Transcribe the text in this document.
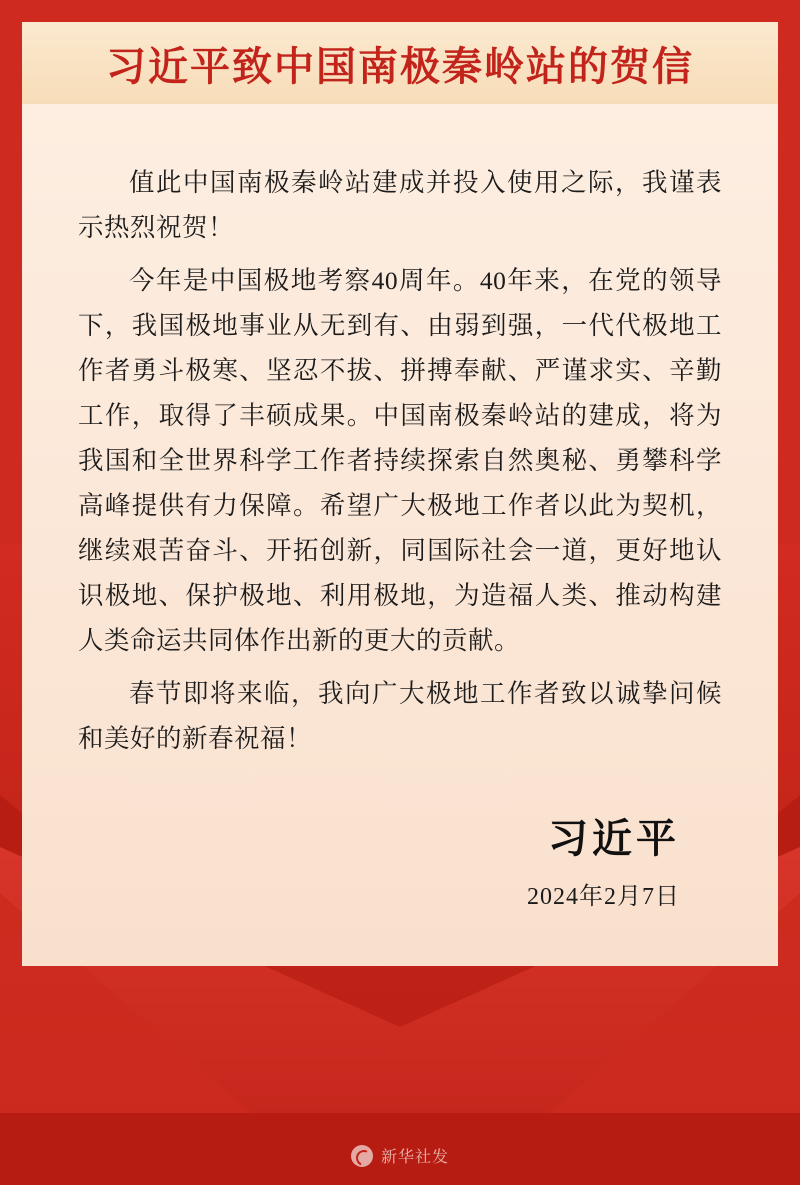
习近平致中国南极秦岭站的贺信

值此中国南极秦岭站建成并投入使用之际，我谨表示热烈祝贺！

今年是中国极地考察40周年。40年来，在党的领导下，我国极地事业从无到有、由弱到强，一代代极地工作者勇斗极寒、坚忍不拔、拼搏奉献、严谨求实、辛勤工作，取得了丰硕成果。中国南极秦岭站的建成，将为我国和全世界科学工作者持续探索自然奥秘、勇攀科学高峰提供有力保障。希望广大极地工作者以此为契机，继续艰苦奋斗、开拓创新，同国际社会一道，更好地认识极地、保护极地、利用极地，为造福人类、推动构建人类命运共同体作出新的更大的贡献。

春节即将来临，我向广大极地工作者致以诚挚问候和美好的新春祝福！

习近平
2024年2月7日
新华社发
